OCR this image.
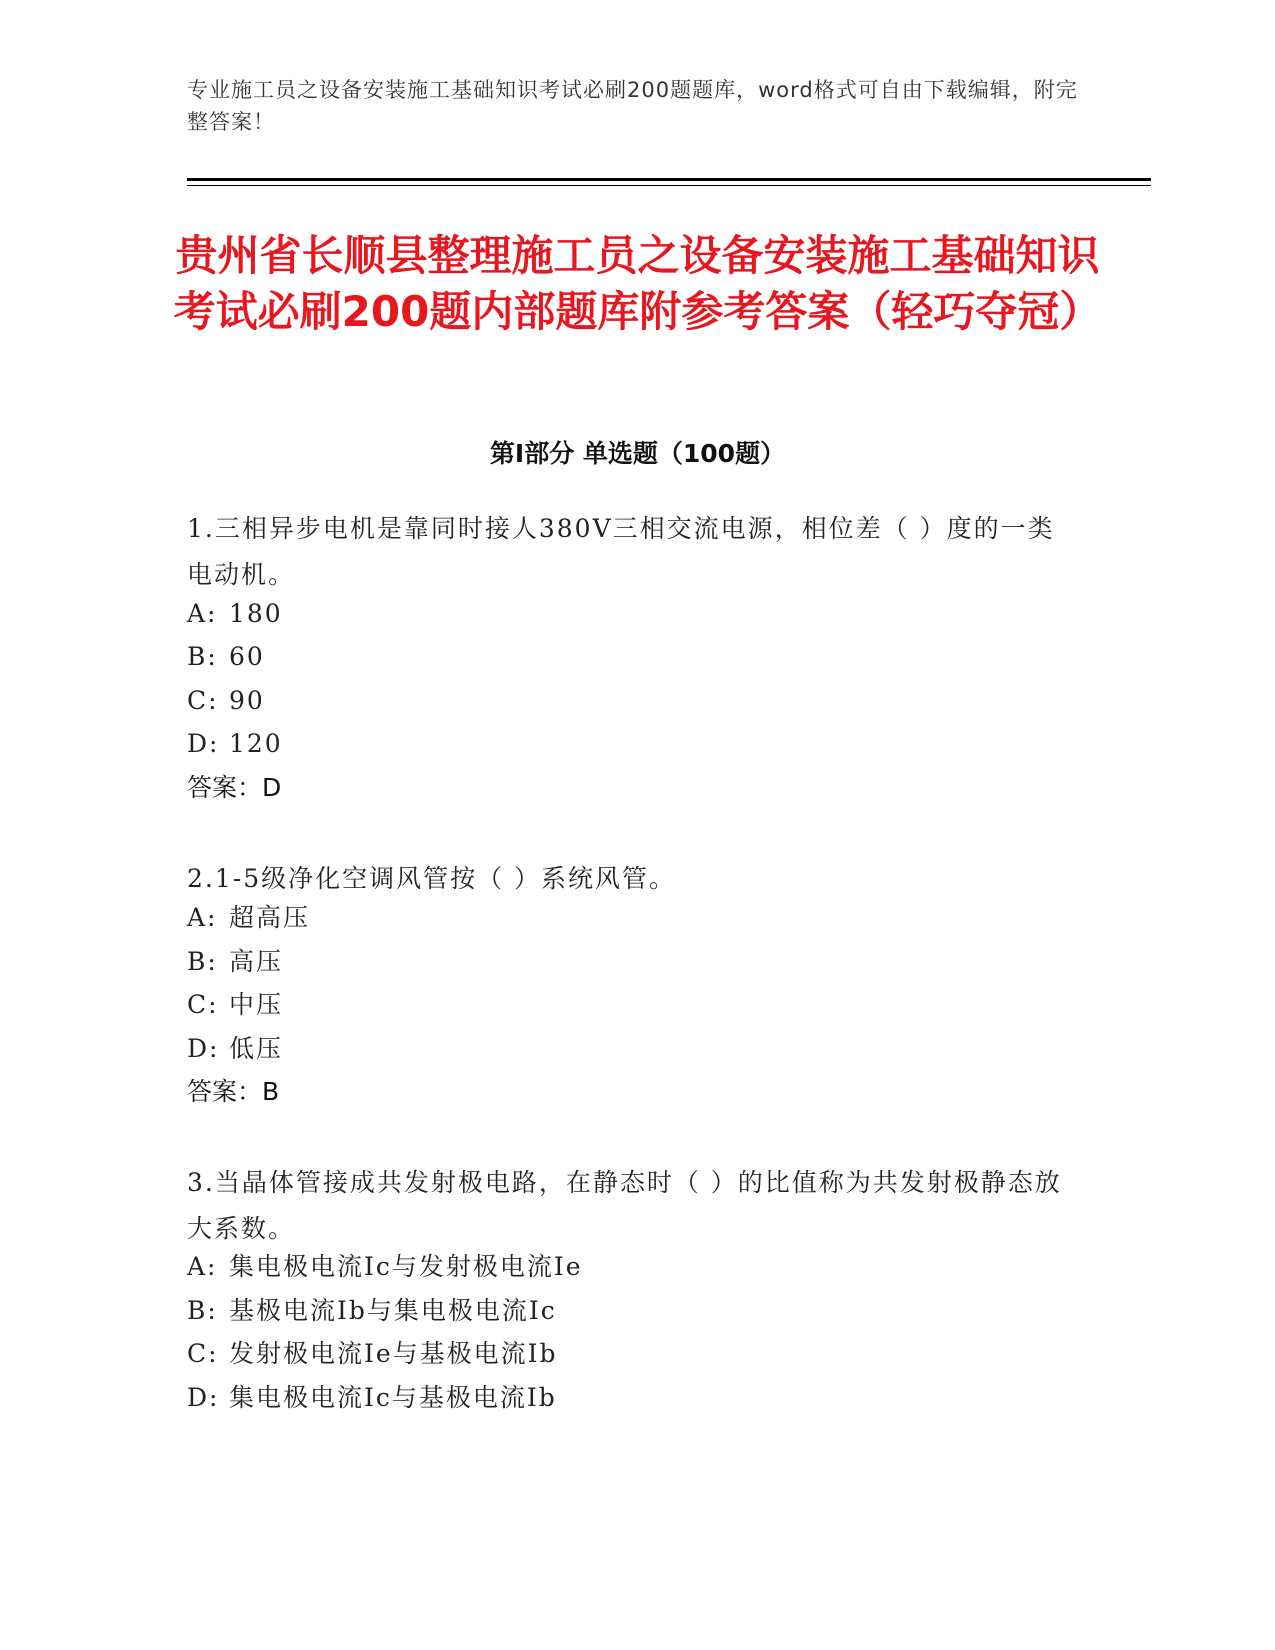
专业施工员之设备安装施工基础知识考试必刷200题题库，word格式可自由下载编辑，附完整答案！
贵州省长顺县整理施工员之设备安装施工基础知识考试必刷200题内部题库附参考答案（轻巧夺冠）
第Ⅰ部分 单选题（100题）
1.三相异步电机是靠同时接人380V三相交流电源，相位差（ ）度的一类电动机。
A: 180
B: 60
C: 90
D: 120
答案：D
2.1-5级净化空调风管按（ ）系统风管。
A: 超高压
B: 高压
C: 中压
D: 低压
答案：B
3.当晶体管接成共发射极电路，在静态时（ ）的比值称为共发射极静态放大系数。
A: 集电极电流Ic与发射极电流Ie
B: 基极电流Ib与集电极电流Ic
C: 发射极电流Ie与基极电流Ib
D: 集电极电流Ic与基极电流Ib
